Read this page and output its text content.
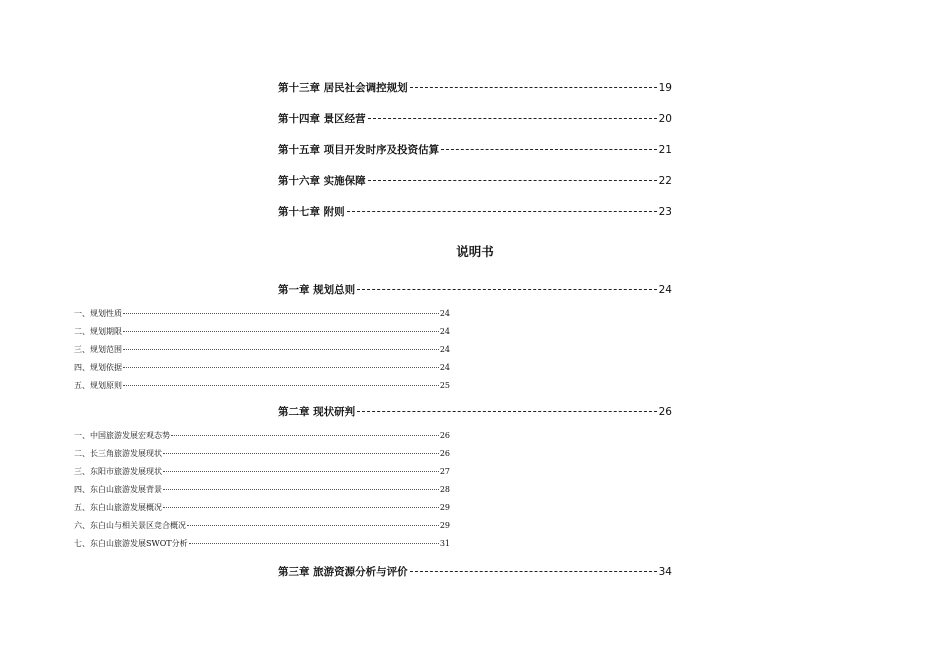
第十三章 居民社会调控规划	19
第十四章 景区经营	20
第十五章 项目开发时序及投资估算	21
第十六章 实施保障	22
第十七章 附则	23
说明书
第一章 规划总则	24
一、规划性质	24
二、规划期限	24
三、规划范围	24
四、规划依据	24
五、规划原则	25
第二章 现状研判	26
一、中国旅游发展宏观态势	26
二、长三角旅游发展现状	26
三、东阳市旅游发展现状	27
四、东白山旅游发展背景	28
五、东白山旅游发展概况	29
六、东白山与相关景区竞合概况	29
七、东白山旅游发展SWOT分析	31
第三章 旅游资源分析与评价	34
